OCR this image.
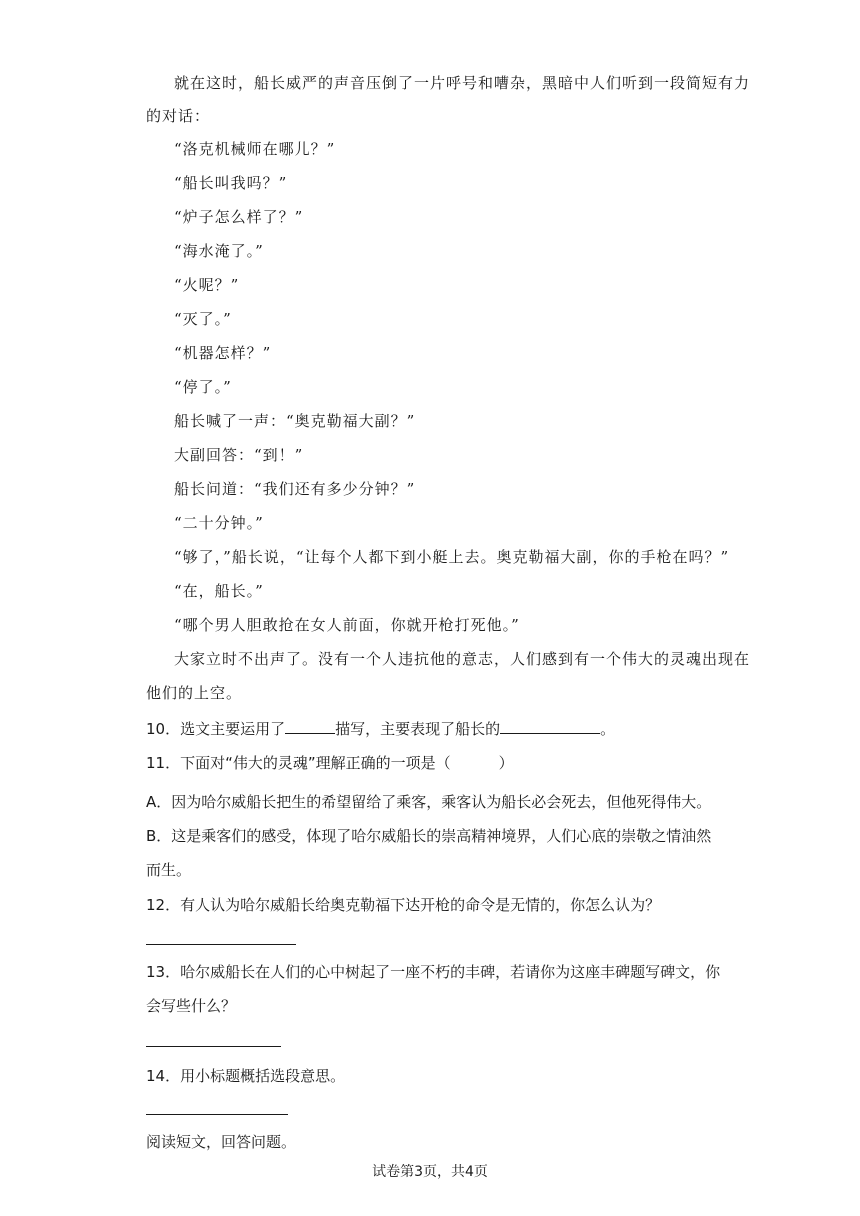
就在这时，船长威严的声音压倒了一片呼号和嘈杂，黑暗中人们听到一段简短有力
的对话：
“洛克机械师在哪儿？”
“船长叫我吗？”
“炉子怎么样了？”
“海水淹了。”
“火呢？”
“灭了。”
“机器怎样？”
“停了。”
船长喊了一声：“奥克勒福大副？”
大副回答：“到！”
船长问道：“我们还有多少分钟？”
“二十分钟。”
“够了，”船长说，“让每个人都下到小艇上去。奥克勒福大副，你的手枪在吗？”
“在，船长。”
“哪个男人胆敢抢在女人前面，你就开枪打死他。”
大家立时不出声了。没有一个人违抗他的意志，人们感到有一个伟大的灵魂出现在
他们的上空。
10．选文主要运用了	描写，主要表现了船长的	。
11．下面对“伟大的灵魂”理解正确的一项是（	）
A．因为哈尔威船长把生的希望留给了乘客，乘客认为船长必会死去，但他死得伟大。
B．这是乘客们的感受，体现了哈尔威船长的崇高精神境界，人们心底的崇敬之情油然
而生。
12．有人认为哈尔威船长给奥克勒福下达开枪的命令是无情的，你怎么认为？
13．哈尔威船长在人们的心中树起了一座不朽的丰碑，若请你为这座丰碑题写碑文，你
会写些什么？
14．用小标题概括选段意思。
阅读短文，回答问题。
试卷第3页，共4页
